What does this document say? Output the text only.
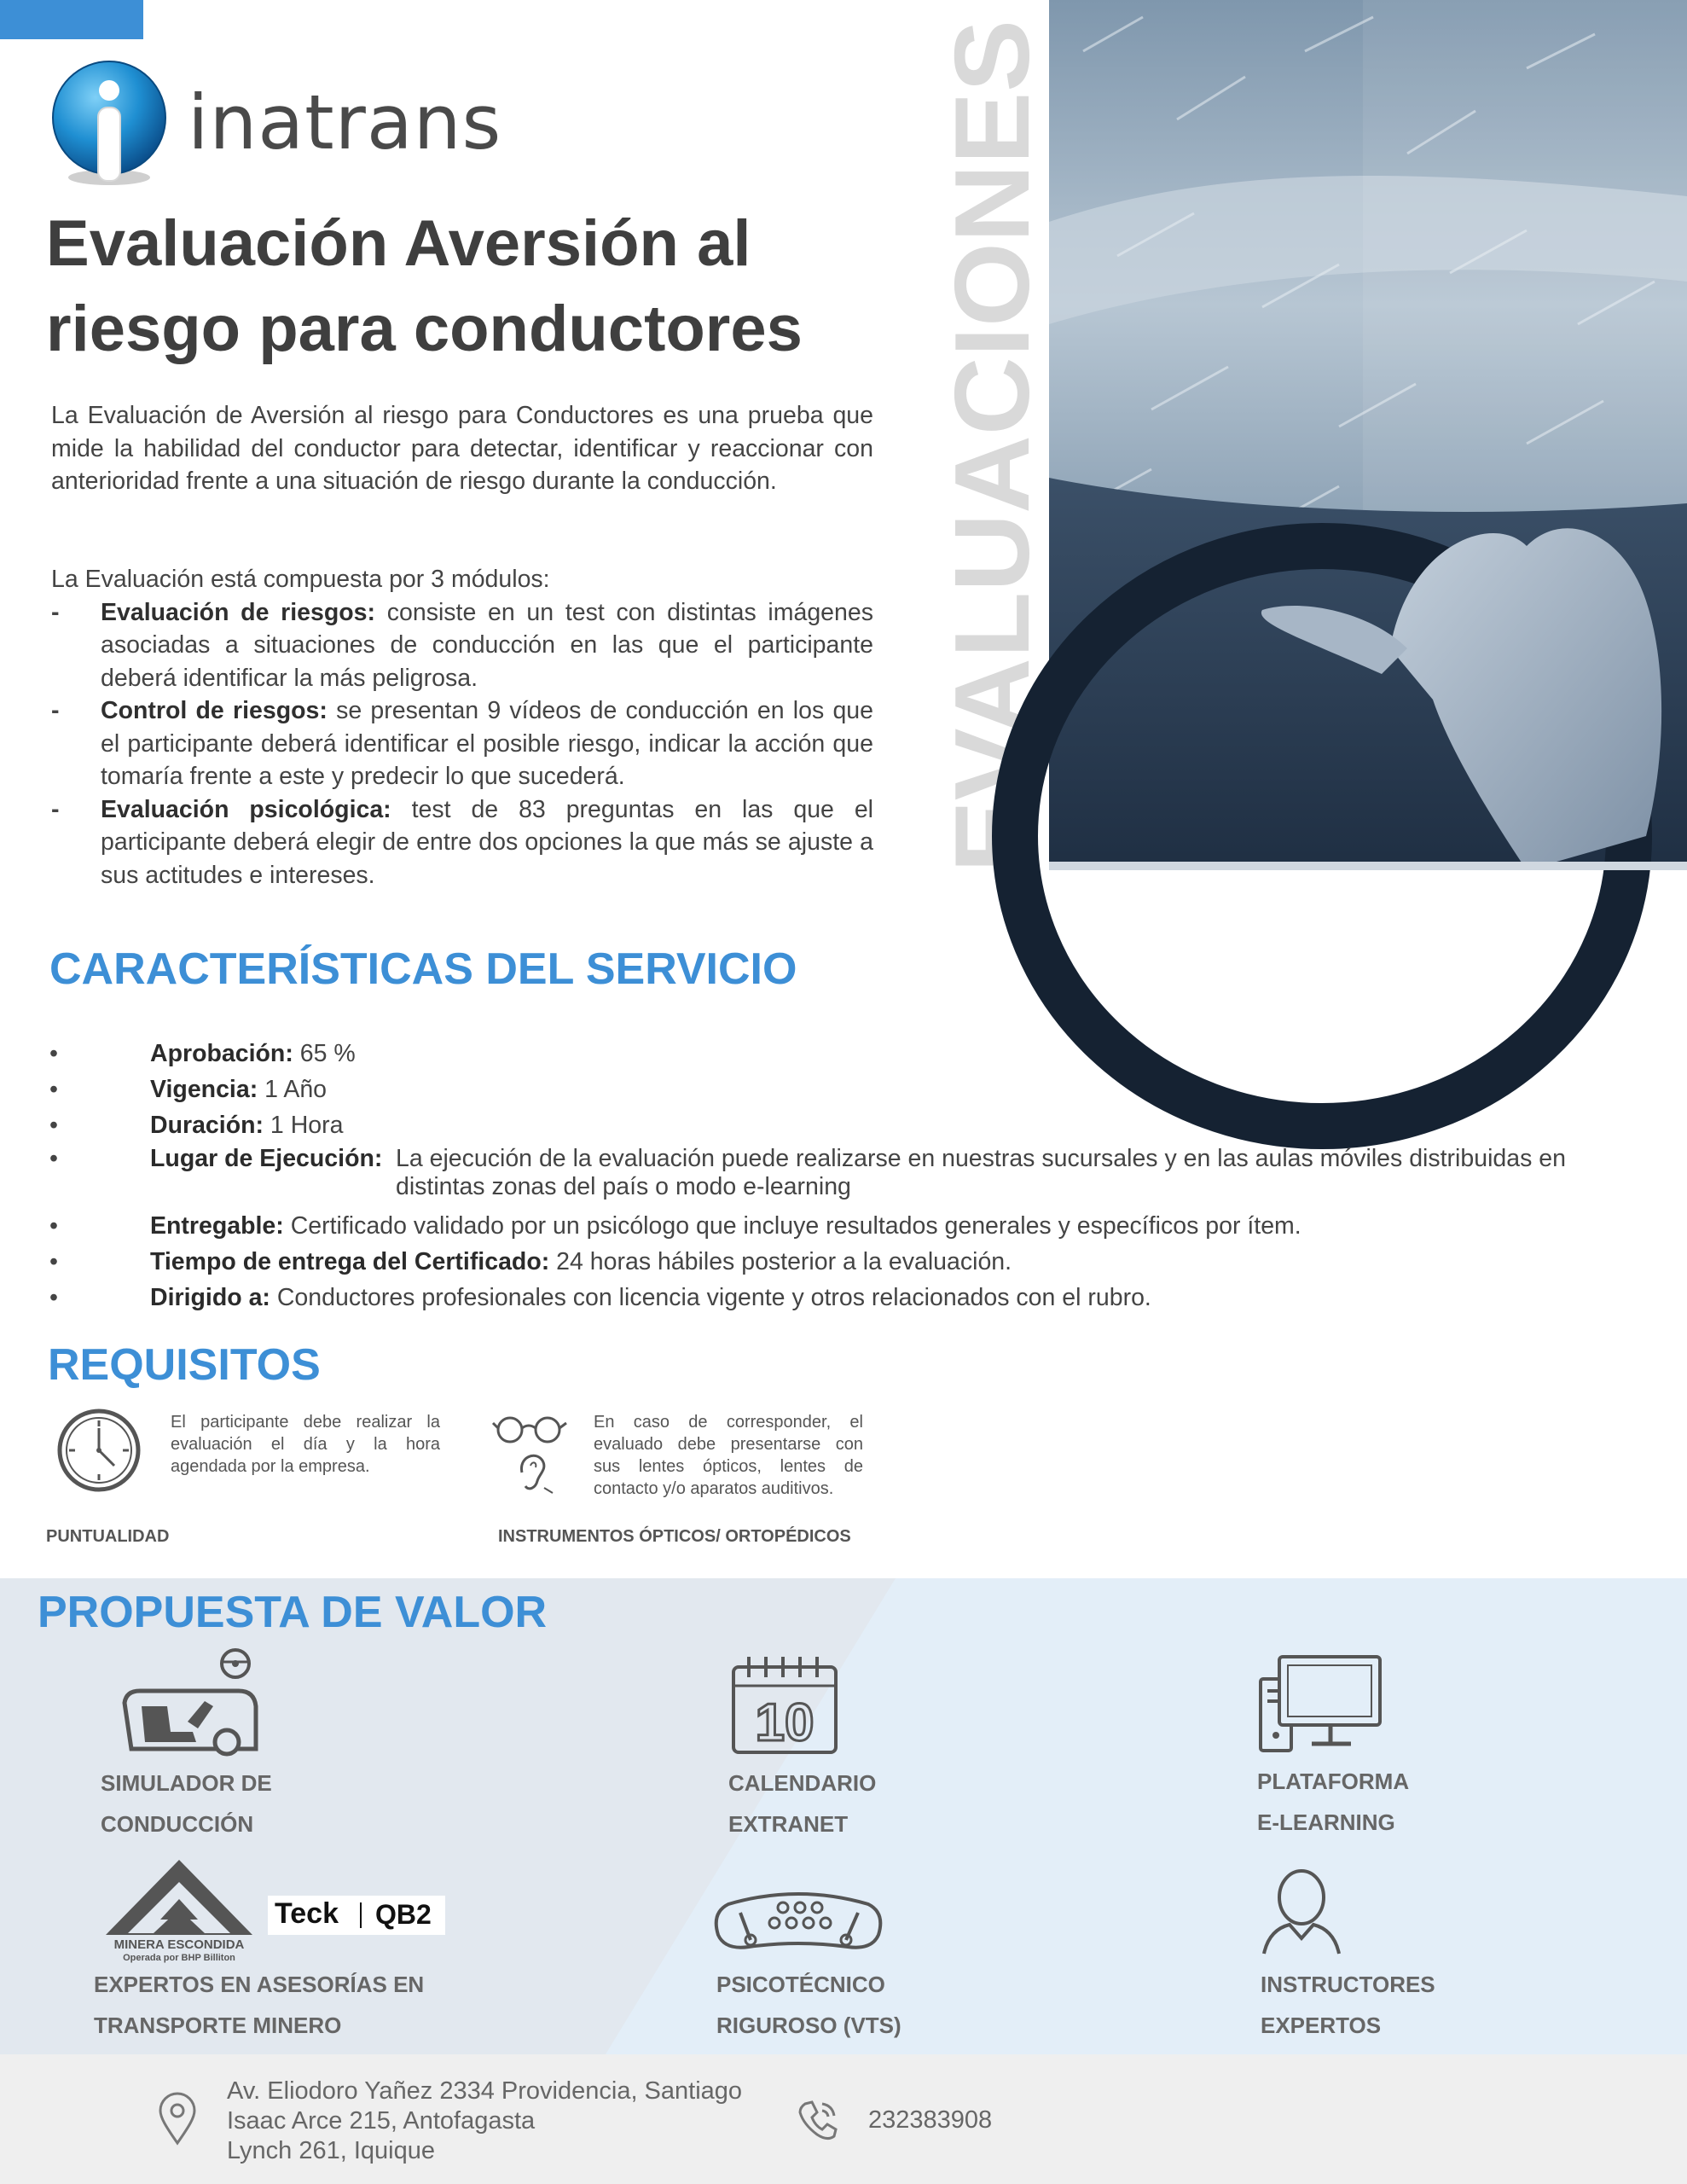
inatrans
Evaluación Aversión al
riesgo para conductores

La Evaluación de Aversión al riesgo para Conductores es una prueba que mide la habilidad del conductor para detectar, identificar y reaccionar con anterioridad frente a una situación de riesgo durante la conducción.

La Evaluación está compuesta por 3 módulos:

- Evaluación de riesgos: consiste en un test con distintas imágenes asociadas a situaciones de conducción en las que el participante deberá identificar la más peligrosa.
- Control de riesgos: se presentan 9 vídeos de conducción en los que el participante deberá identificar el posible riesgo, indicar la acción que tomaría frente a este y predecir lo que sucederá.
- Evaluación psicológica: test de 83 preguntas en las que el participante deberá elegir de entre dos opciones la que más se ajuste a sus actitudes e intereses.
EVALUACIONES
CARACTERÍSTICAS DEL SERVICIO
•	Aprobación: 65 %
•	Vigencia: 1 Año
•	Duración: 1 Hora
•	Lugar de Ejecución: La ejecución de la evaluación puede realizarse en nuestras sucursales y en las aulas móviles distribuidas en distintas zonas del país o modo e-learning
•	Entregable: Certificado validado por un psicólogo que incluye resultados generales y específicos por ítem.
•	Tiempo de entrega del Certificado: 24 horas hábiles posterior a la evaluación.
•	Dirigido a: Conductores profesionales con licencia vigente y otros relacionados con el rubro.
REQUISITOS
El participante debe realizar la evaluación el día y la hora agendada por la empresa.
PUNTUALIDAD
En caso de corresponder, el evaluado debe presentarse con sus lentes ópticos, lentes de contacto y/o aparatos auditivos.
INSTRUMENTOS ÓPTICOS/ ORTOPÉDICOS
PROPUESTA DE VALOR
SIMULADOR DE
CONDUCCIÓN
10
CALENDARIO
EXTRANET
PLATAFORMA
E-LEARNING
MINERA ESCONDIDA
Operada por BHP Billiton
Teck QB2
EXPERTOS EN ASESORÍAS EN
TRANSPORTE MINERO
PSICOTÉCNICO
RIGUROSO (VTS)
INSTRUCTORES
EXPERTOS
Av. Eliodoro Yañez 2334 Providencia, Santiago
Isaac Arce 215, Antofagasta
Lynch 261, Iquique
232383908
